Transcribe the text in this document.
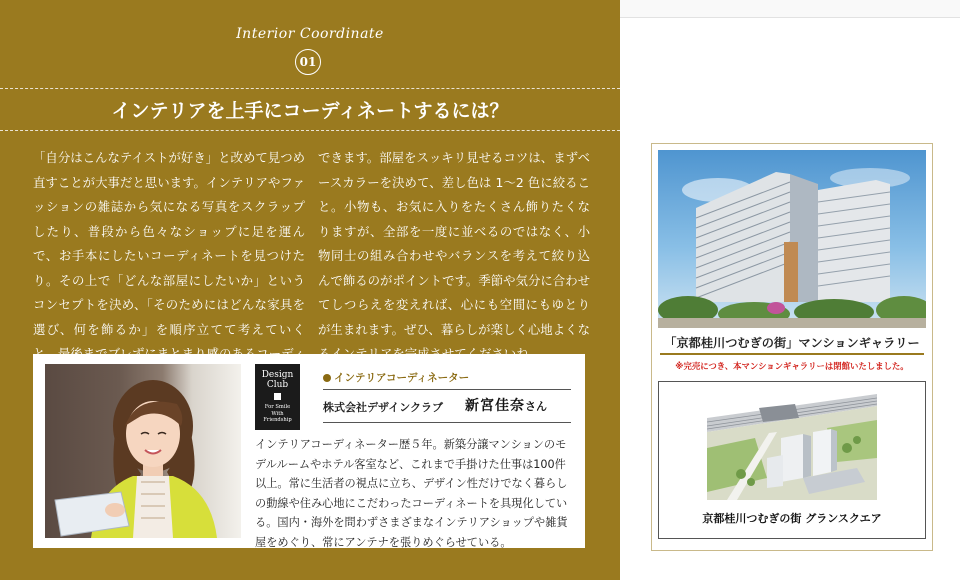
Interior Coordinate
01
インテリアを上手にコーディネートするには？
「自分はこんなテイストが好き」と改めて見つめ直すことが大事だと思います。インテリアやファッションの雑誌から気になる写真をスクラップしたり、普段から色々なショップに足を運んで、お手本にしたいコーディネートを見つけたり。その上で「どんな部屋にしたいか」というコンセプトを決め、「そのためにはどんな家具を選び、何を飾るか」を順序立てて考えていく
できます。部屋をスッキリ見せるコツは、まずベースカラーを決めて、差し色は 1〜2 色に絞ること。小物も、お気に入りをたくさん飾りたくなりますが、全部を一度に並べるのではなく、小物同士の組み合わせやバランスを考えて絞り込んで飾るのがポイントです。季節や気分に合わせてしつらえを変えれば、心にも空間にもゆとりが生まれます。ぜひ、暮らしが楽しく心地よくな
Design
Club
For Smile
With
Friendship
インテリアコーディネーター
株式会社デザインクラブ 新宮佳奈さん
インテリアコーディネーター歴５年。新築分譲マンションのモデルルームやホテル客室など、これまで手掛けた仕事は100件以上。常に生活者の視点に立ち、デザイン性だけでなく暮らしの動線や住み心地にこだわったコーディネートを具現化している。国内・海外を問わずさまざまなインテリアショップや雑貨屋をめぐり、常にアンテナを張りめぐらせている。
「京都桂川つむぎの街」マンションギャラリー
※完売につき、本マンションギャラリーは閉館いたしました。
京都桂川つむぎの街 グランスクエア
